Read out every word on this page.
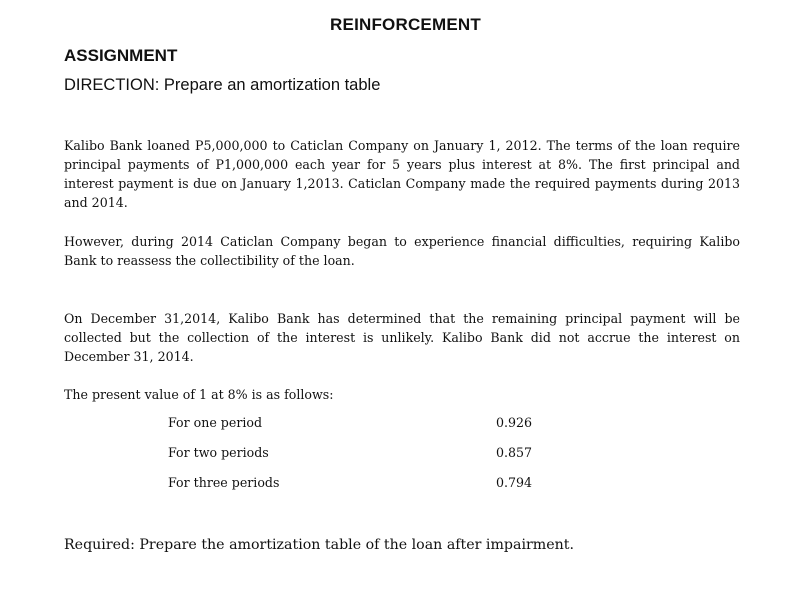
REINFORCEMENT
ASSIGNMENT
DIRECTION: Prepare an amortization table
Kalibo Bank loaned P5,000,000 to Caticlan Company on January 1, 2012. The terms of the loan require principal payments of P1,000,000 each year for 5 years plus interest at 8%. The first principal and interest payment is due on January 1,2013. Caticlan Company made the required payments during 2013 and 2014.
However, during 2014 Caticlan Company began to experience financial difficulties, requiring Kalibo Bank to reassess the collectibility of the loan.
On December 31,2014, Kalibo Bank has determined that the remaining principal payment will be collected but the collection of the interest is unlikely. Kalibo Bank did not accrue the interest on December 31, 2014.
The present value of 1 at 8% is as follows:
For one period	0.926
For two periods	0.857
For three periods	0.794
Required: Prepare the amortization table of the loan after impairment.
